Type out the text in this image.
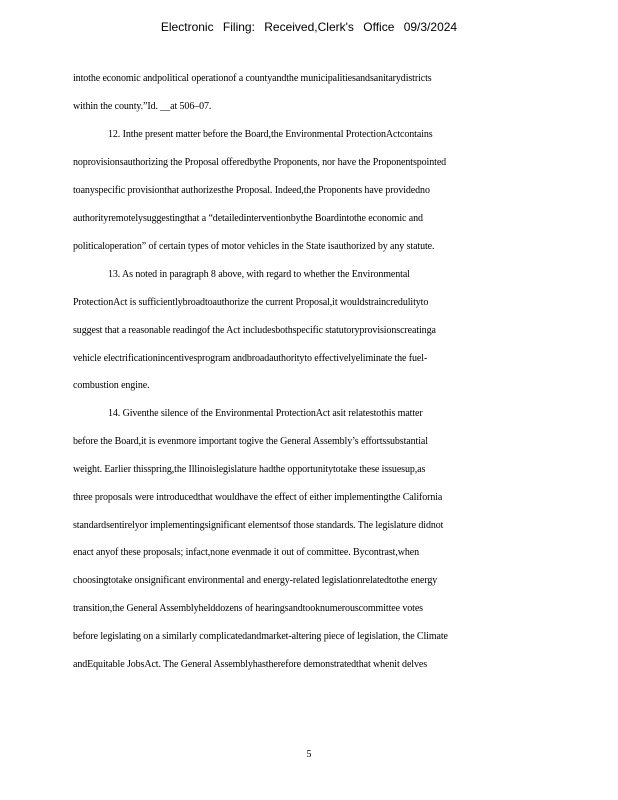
Electronic Filing: Received,Clerk's Office 09/3/2024
intothe economic andpolitical operationof a countyandthe municipalitiesandsanitarydistricts
within the county.”Id. __at 506–07.
12. Inthe present matter before the Board,the Environmental ProtectionActcontains
noprovisionsauthorizing the Proposal offeredbythe Proponents, nor have the Proponentspointed
toanyspecific provisionthat authorizesthe Proposal. Indeed,the Proponents have providedno
authorityremotelysuggestingthat a “detailedinterventionbythe Boardintothe economic and
politicaloperation” of certain types of motor vehicles in the State isauthorized by any statute.
13. As noted in paragraph 8 above, with regard to whether the Environmental
ProtectionAct is sufficientlybroadtoauthorize the current Proposal,it wouldstraincredulityto
suggest that a reasonable readingof the Act includesbothspecific statutoryprovisionscreatinga
vehicle electrificationincentivesprogram andbroadauthorityto effectivelyeliminate the fuel-
combustion engine.
14. Giventhe silence of the Environmental ProtectionAct asit relatestothis matter
before the Board,it is evenmore important togive the General Assembly’s effortssubstantial
weight. Earlier thisspring,the Illinoislegislature hadthe opportunitytotake these issuesup,as
three proposals were introducedthat wouldhave the effect of either implementingthe California
standardsentirelyor implementingsignificant elementsof those standards. The legislature didnot
enact anyof these proposals; infact,none evenmade it out of committee. Bycontrast,when
choosingtotake onsignificant environmental and energy-related legislationrelatedtothe energy
transition,the General Assemblyhelddozens of hearingsandtooknumerouscommittee votes
before legislating on a similarly complicatedandmarket-altering piece of legislation, the Climate
andEquitable JobsAct. The General Assemblyhastherefore demonstratedthat whenit delves
5
